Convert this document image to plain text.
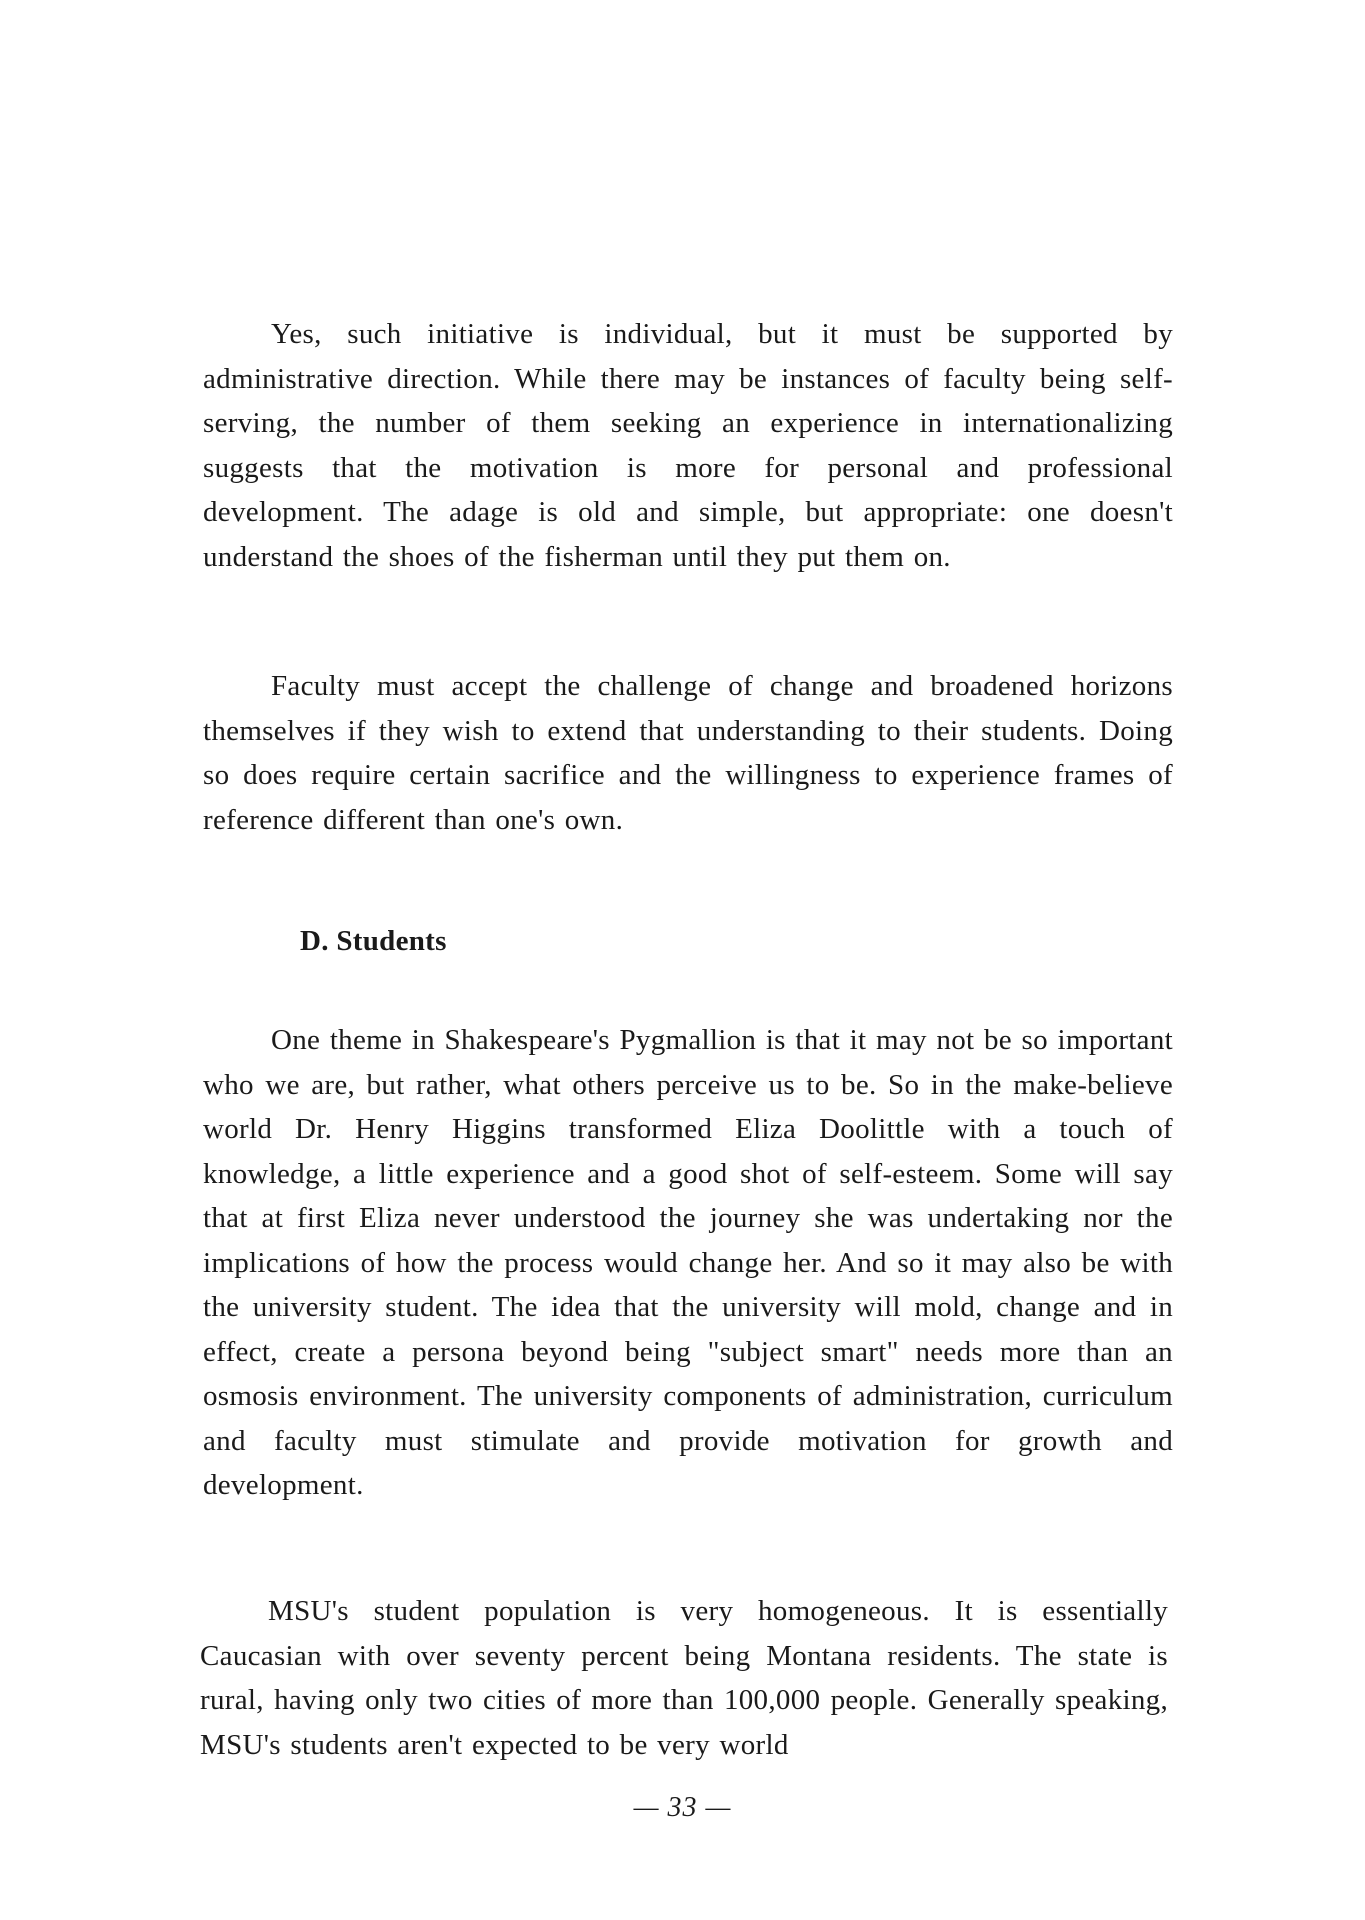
Yes, such initiative is individual, but it must be supported by administrative direction. While there may be instances of faculty being self-serving, the number of them seeking an experience in internationalizing suggests that the motivation is more for personal and professional development. The adage is old and simple, but appropriate: one doesn't understand the shoes of the fisherman until they put them on.

Faculty must accept the challenge of change and broadened horizons themselves if they wish to extend that understanding to their students. Doing so does require certain sacrifice and the willingness to experience frames of reference different than one's own.

D. Students

One theme in Shakespeare's Pygmallion is that it may not be so important who we are, but rather, what others perceive us to be. So in the make-believe world Dr. Henry Higgins transformed Eliza Doolittle with a touch of knowledge, a little experience and a good shot of self-esteem. Some will say that at first Eliza never understood the journey she was undertaking nor the implications of how the process would change her. And so it may also be with the university student. The idea that the university will mold, change and in effect, create a persona beyond being "subject smart" needs more than an osmosis environment. The university components of administration, curriculum and faculty must stimulate and provide motivation for growth and development.

MSU's student population is very homogeneous. It is essentially Caucasian with over seventy percent being Montana residents. The state is rural, having only two cities of more than 100,000 people. Generally speaking, MSU's students aren't expected to be very world

— 33 —
